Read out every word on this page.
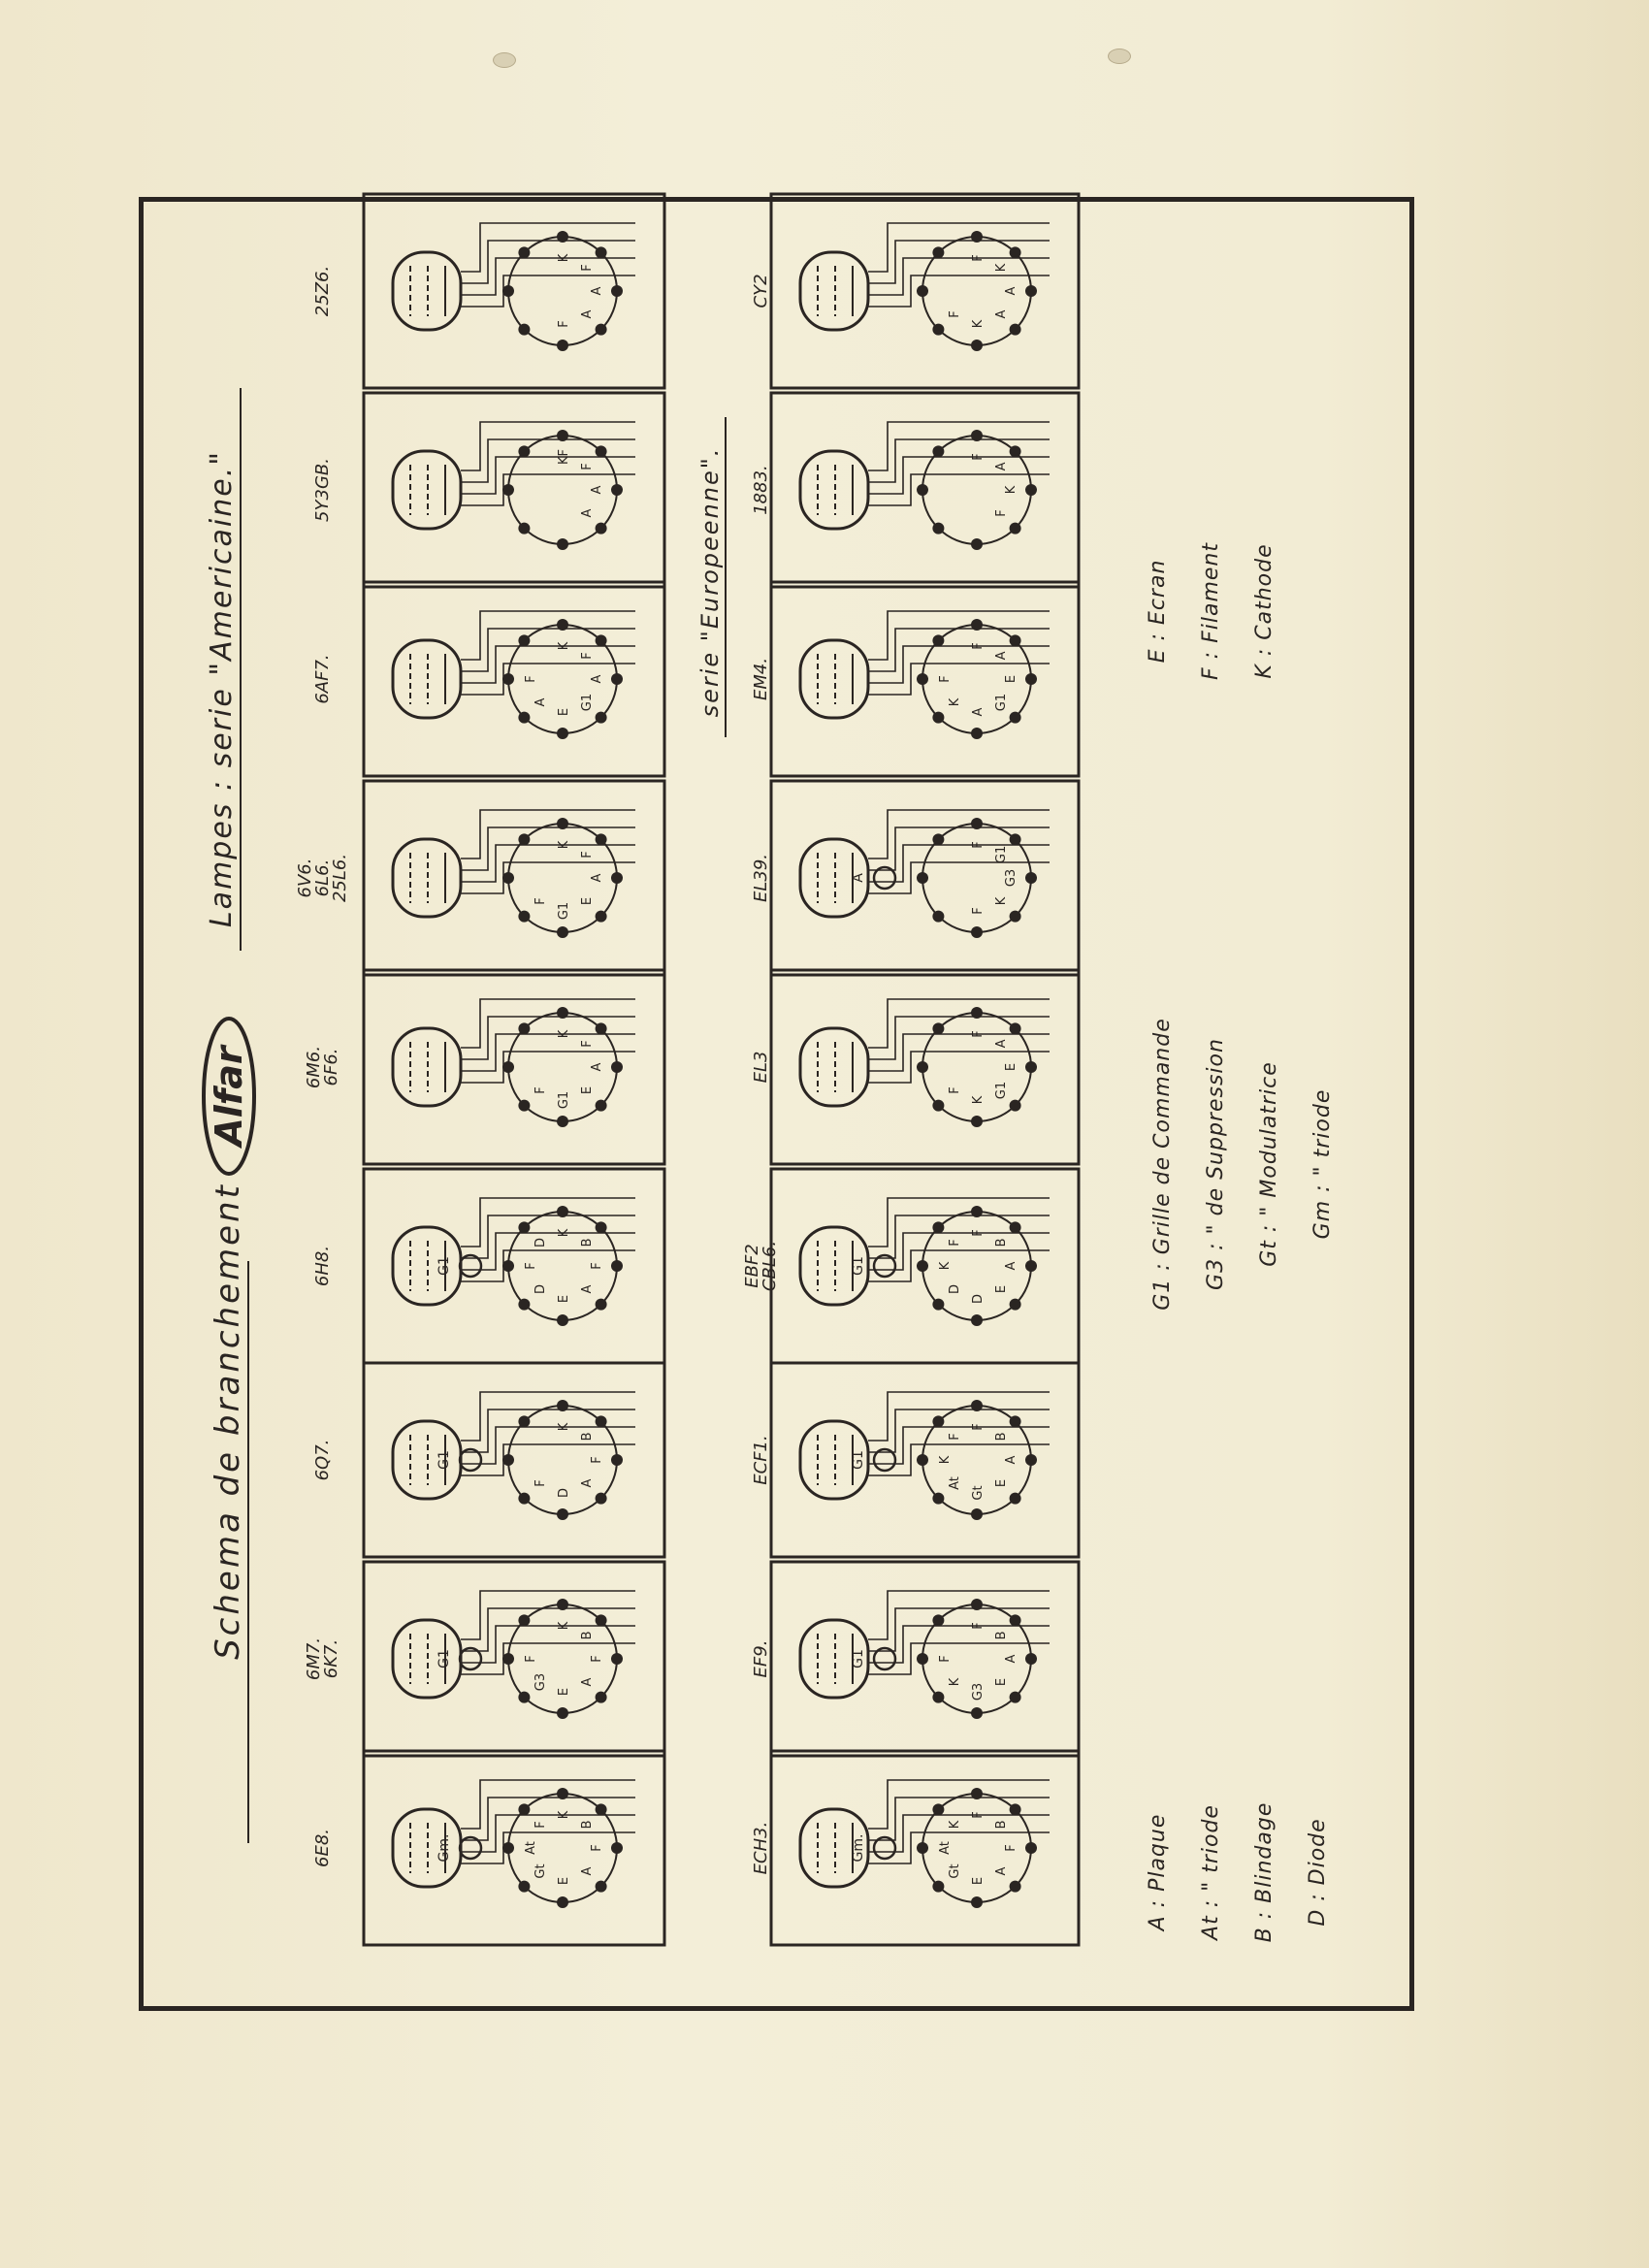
Schema de branchement
Lampes : serie "Americaine."	serie "Europeenne".
Alfar
K
B
F
A
E
Gt
At
F
Gm.
6E8.
K
B
F
A
E
G3
F
G1
6M7.
6K7.
K
B
F
A
D
F
G1
6Q7.
K
B
F
A
E
D
F
D
G1
6H8.
K
F
A
E
G1
F
6M6.
6F6.
K
F
A
E
G1
F
6V6.
6L6.
25L6.
K
F
A
G1
E
A
F
6AF7.
KF
F
A
A
5Y3GB.
K
F
A
A
F
25Z6.
F
B
F
A
E
Gt
At
K
Gm.
ECH3.
F
B
A
E
G3
K
F
G1
EF9.
F
B
A
E
Gt
At
K
F
G1
ECF1.
F
B
A
E
D
D
K
F
G1
EBF2
CBL6.
F
A
E
G1
K
F
EL3
F
G1
G3
K
F
A
EL39.
F
A
E
G1
A
K
F
EM4.
F
A
K
F
1883.
F
K
A
A
K
F
CY2
A : Plaque At : " triode B : Blindage D : Diode
G1 : Grille de Commande G3 : " de Suppression Gt : " Modulatrice Gm : " triode
E : Ecran F : Filament K : Cathode
